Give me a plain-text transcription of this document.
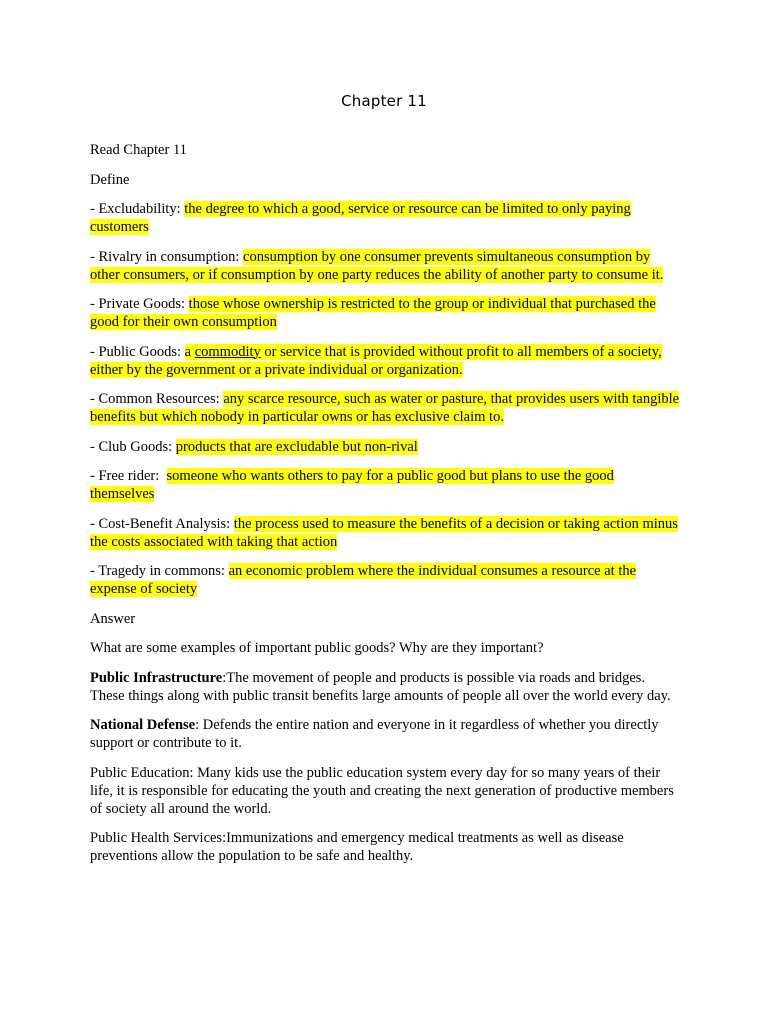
Chapter 11

Read Chapter 11

Define

- Excludability: the degree to which a good, service or resource can be limited to only paying customers

- Rivalry in consumption: consumption by one consumer prevents simultaneous consumption by other consumers, or if consumption by one party reduces the ability of another party to consume it.

- Private Goods: those whose ownership is restricted to the group or individual that purchased the good for their own consumption

- Public Goods: a commodity or service that is provided without profit to all members of a society, either by the government or a private individual or organization.

- Common Resources: any scarce resource, such as water or pasture, that provides users with tangible benefits but which nobody in particular owns or has exclusive claim to.

- Club Goods: products that are excludable but non-rival

- Free rider:  someone who wants others to pay for a public good but plans to use the good themselves

- Cost-Benefit Analysis: the process used to measure the benefits of a decision or taking action minus the costs associated with taking that action

- Tragedy in commons: an economic problem where the individual consumes a resource at the expense of society

Answer

What are some examples of important public goods? Why are they important?

Public Infrastructure:The movement of people and products is possible via roads and bridges. These things along with public transit benefits large amounts of people all over the world every day.

National Defense: Defends the entire nation and everyone in it regardless of whether you directly support or contribute to it.

Public Education: Many kids use the public education system every day for so many years of their life, it is responsible for educating the youth and creating the next generation of productive members of society all around the world.

Public Health Services:Immunizations and emergency medical treatments as well as disease preventions allow the population to be safe and healthy.
